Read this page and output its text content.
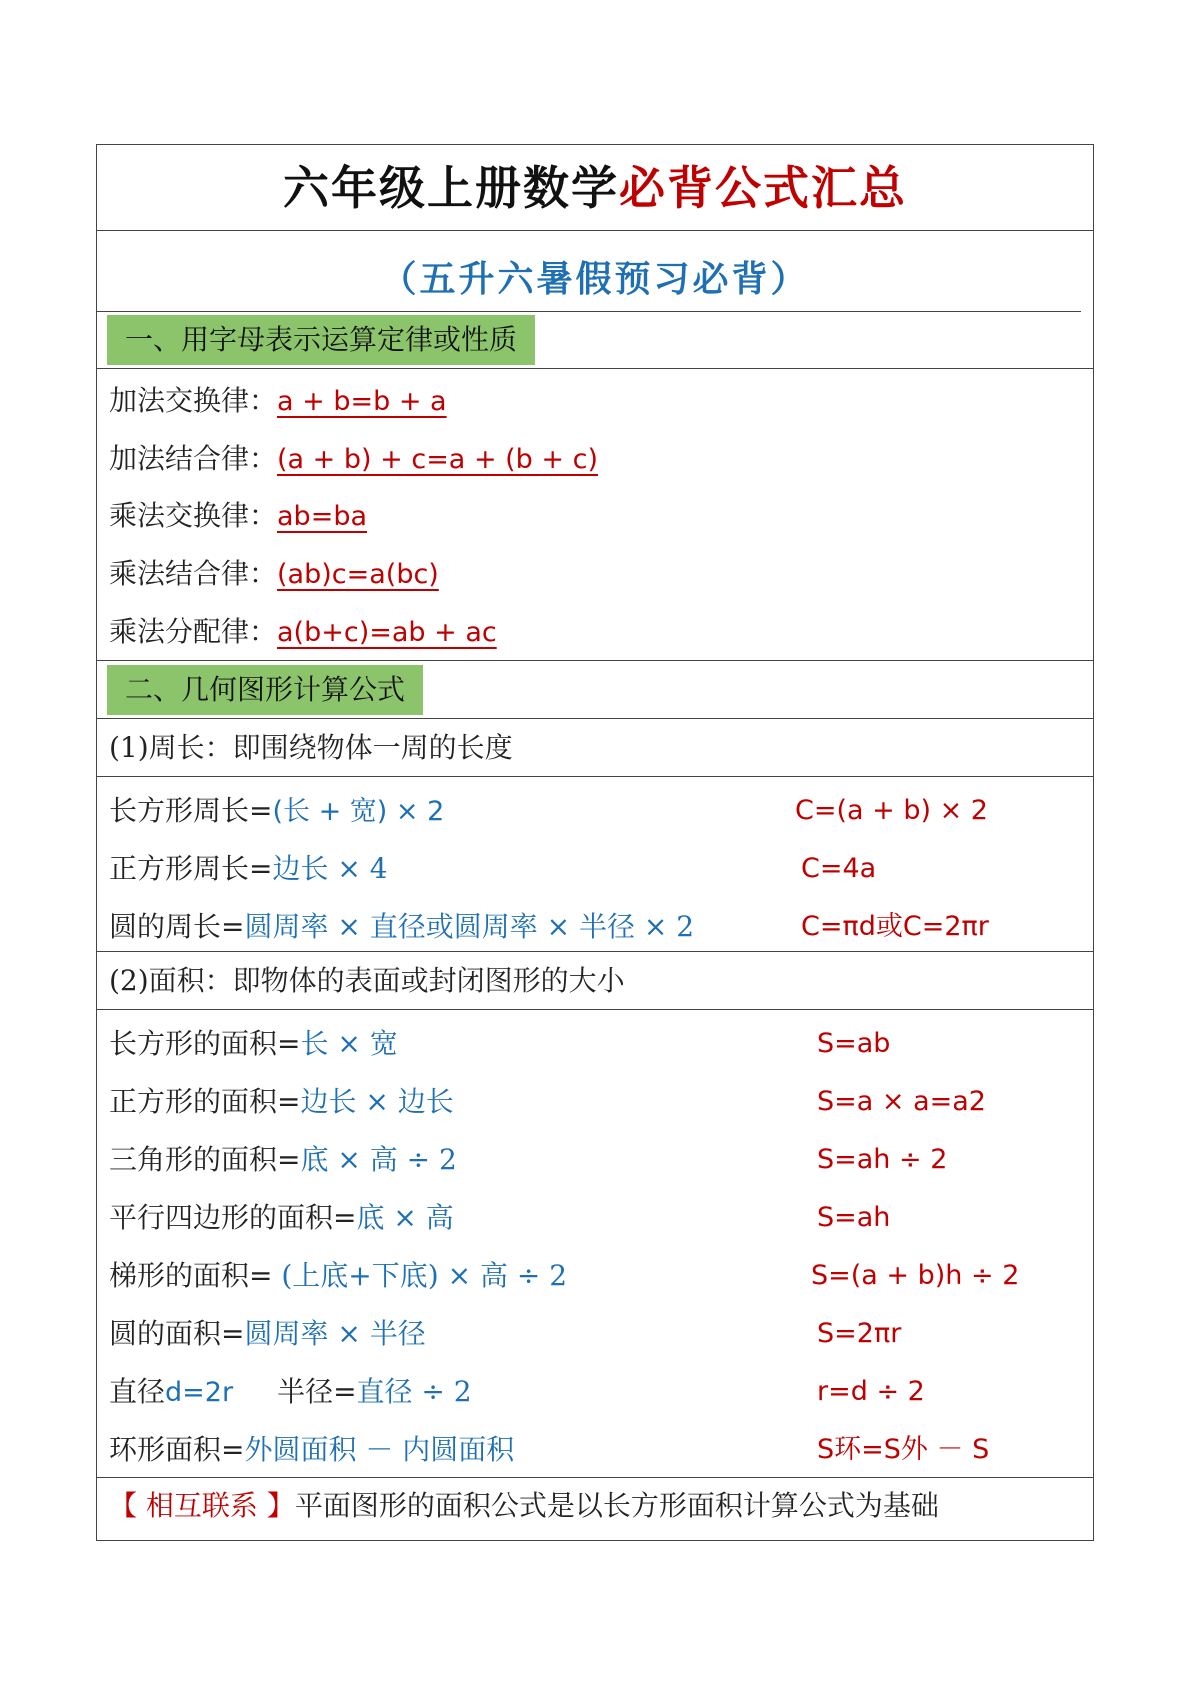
六年级上册数学必背公式汇总
（五升六暑假预习必背）
一、用字母表示运算定律或性质
加法交换律：a + b=b + a
加法结合律：(a + b) + c=a + (b + c)
乘法交换律：ab=ba
乘法结合律：(ab)c=a(bc)
乘法分配律：a(b+c)=ab + ac
二、几何图形计算公式
(1)周长：即围绕物体一周的长度
长方形周长=(长 + 宽) × 2	C=(a + b) × 2
正方形周长=边长 × 4	C=4a
圆的周长=圆周率 × 直径或圆周率 × 半径 × 2	C=πd或C=2πr
(2)面积：即物体的表面或封闭图形的大小
长方形的面积=长 × 宽	S=ab
正方形的面积=边长 × 边长	S=a × a=a2
三角形的面积=底 × 高 ÷ 2	S=ah ÷ 2
平行四边形的面积=底 × 高	S=ah
梯形的面积= (上底+下底) × 高 ÷ 2	S=(a + b)h ÷ 2
圆的面积=圆周率 × 半径	S=2πr
直径d=2r 半径=直径 ÷ 2	r=d ÷ 2
环形面积=外圆面积 － 内圆面积	S环=S外 － S
【 相互联系 】平面图形的面积公式是以长方形面积计算公式为基础
